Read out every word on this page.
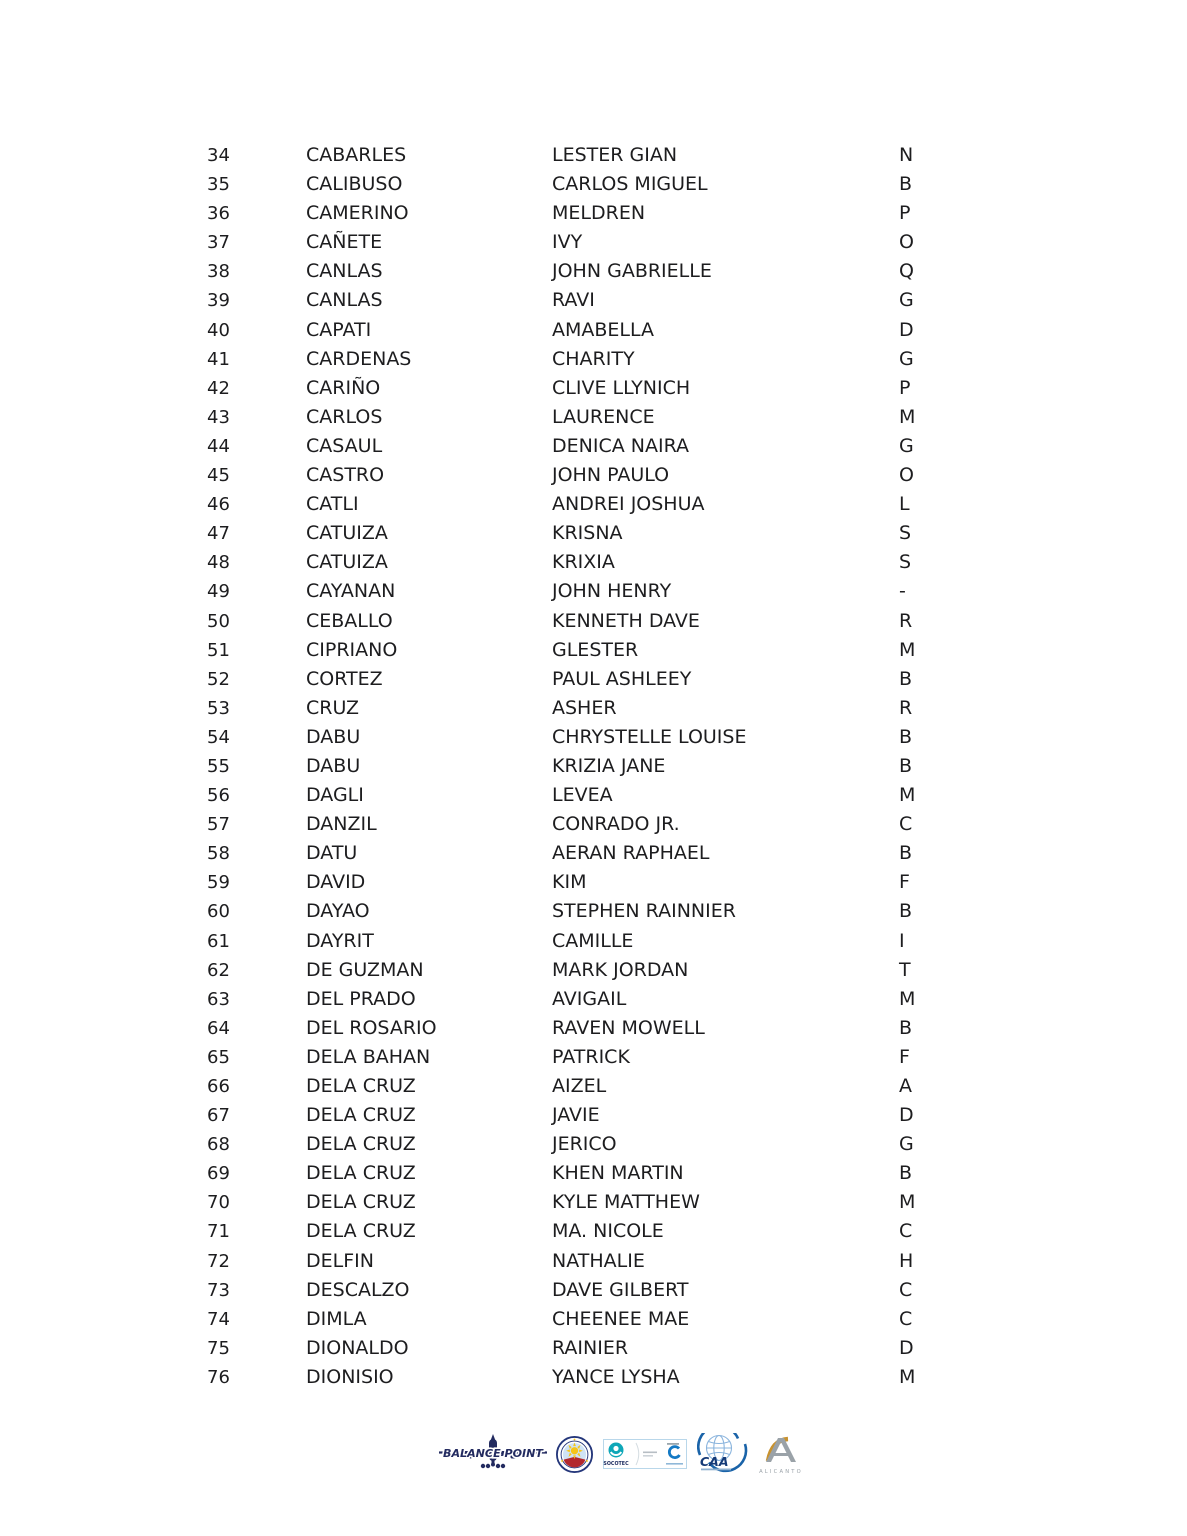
34	CABARLES	LESTER GIAN	N
35	CALIBUSO	CARLOS MIGUEL	B
36	CAMERINO	MELDREN	P
37	CAÑETE	IVY	O
38	CANLAS	JOHN GABRIELLE	Q
39	CANLAS	RAVI	G
40	CAPATI	AMABELLA	D
41	CARDENAS	CHARITY	G
42	CARIÑO	CLIVE LLYNICH	P
43	CARLOS	LAURENCE	M
44	CASAUL	DENICA NAIRA	G
45	CASTRO	JOHN PAULO	O
46	CATLI	ANDREI JOSHUA	L
47	CATUIZA	KRISNA	S
48	CATUIZA	KRIXIA	S
49	CAYANAN	JOHN HENRY	-
50	CEBALLO	KENNETH DAVE	R
51	CIPRIANO	GLESTER	M
52	CORTEZ	PAUL ASHLEEY	B
53	CRUZ	ASHER	R
54	DABU	CHRYSTELLE LOUISE	B
55	DABU	KRIZIA JANE	B
56	DAGLI	LEVEA	M
57	DANZIL	CONRADO JR.	C
58	DATU	AERAN RAPHAEL	B
59	DAVID	KIM	F
60	DAYAO	STEPHEN RAINNIER	B
61	DAYRIT	CAMILLE	I
62	DE GUZMAN	MARK JORDAN	T
63	DEL PRADO	AVIGAIL	M
64	DEL ROSARIO	RAVEN MOWELL	B
65	DELA BAHAN	PATRICK	F
66	DELA CRUZ	AIZEL	A
67	DELA CRUZ	JAVIE	D
68	DELA CRUZ	JERICO	G
69	DELA CRUZ	KHEN MARTIN	B
70	DELA CRUZ	KYLE MATTHEW	M
71	DELA CRUZ	MA. NICOLE	C
72	DELFIN	NATHALIE	H
73	DESCALZO	DAVE GILBERT	C
74	DIMLA	CHEENEE MAE	C
75	DIONALDO	RAINIER	D
76	DIONISIO	YANCE LYSHA	M
BALANCE POINT
SOCOTEC	CAA
ALICANTO
